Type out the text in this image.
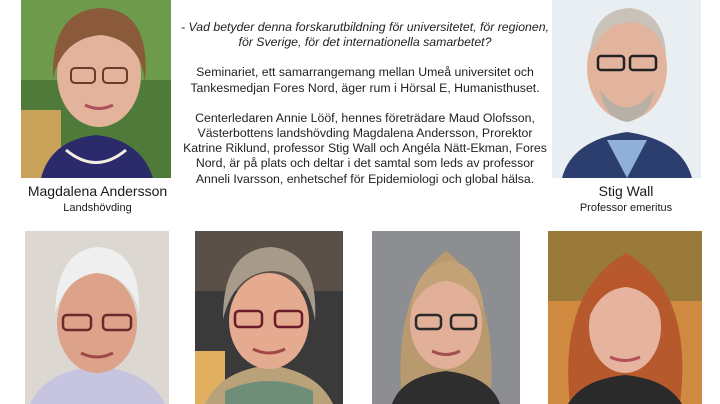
Magdalena Andersson
Landshövding

- Vad betyder denna forskarutbildning för universitetet, för regionen, för Sverige, för det internationella samarbetet?

Seminariet, ett samarrangemang mellan Umeå universitet och Tankesmedjan Fores Nord, äger rum i Hörsal E, Humanisthuset.

Centerledaren Annie Lööf, hennes företrädare Maud Olofsson, Västerbottens landshövding Magdalena Andersson, Prorektor Katrine Riklund, professor Stig Wall och Angéla Nätt-Ekman, Fores Nord, är på plats och deltar i det samtal som leds av professor Anneli Ivarsson, enhetschef för Epidemiologi och global hälsa.

Stig Wall
Professor emeritus
